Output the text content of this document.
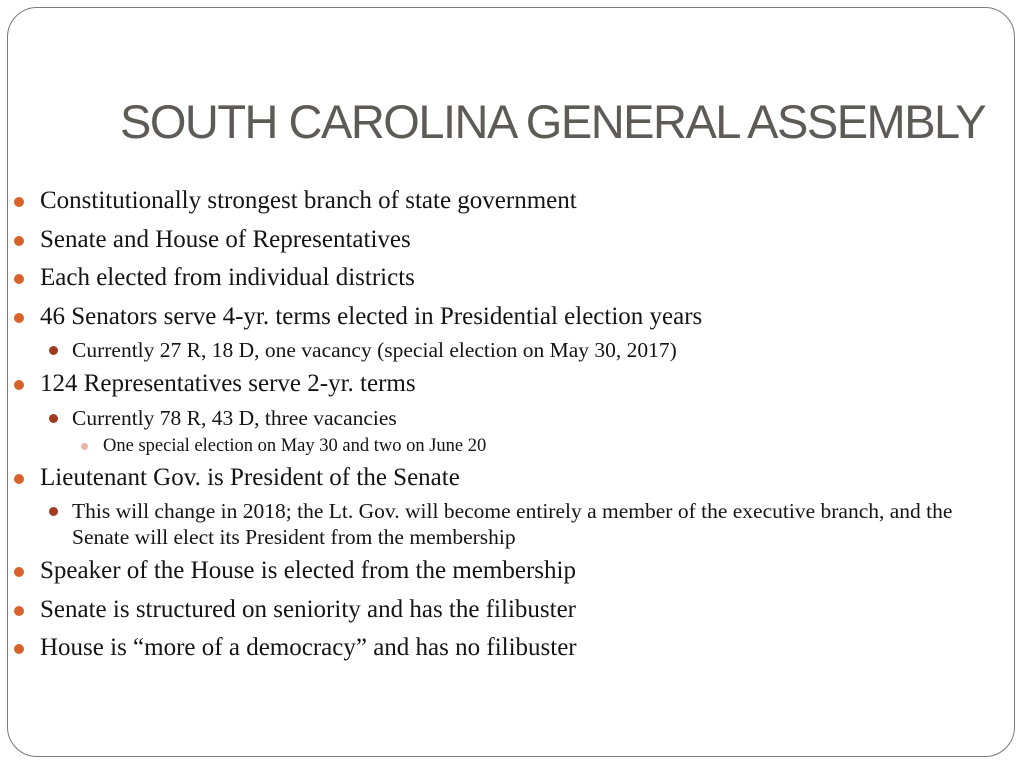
SOUTH CAROLINA GENERAL ASSEMBLY
Constitutionally strongest branch of state government
Senate and House of Representatives
Each elected from individual districts
46 Senators serve 4-yr. terms elected in Presidential election years
Currently 27 R, 18 D, one vacancy (special election on May 30, 2017)
124 Representatives serve 2-yr. terms
Currently 78 R, 43 D, three vacancies
One special election on May 30 and two on June 20
Lieutenant Gov. is President of the Senate
This will change in 2018; the Lt. Gov. will become entirely a member of the executive branch, and the Senate will elect its President from the membership
Speaker of the House is elected from the membership
Senate is structured on seniority and has the filibuster
House is “more of a democracy” and has no filibuster
